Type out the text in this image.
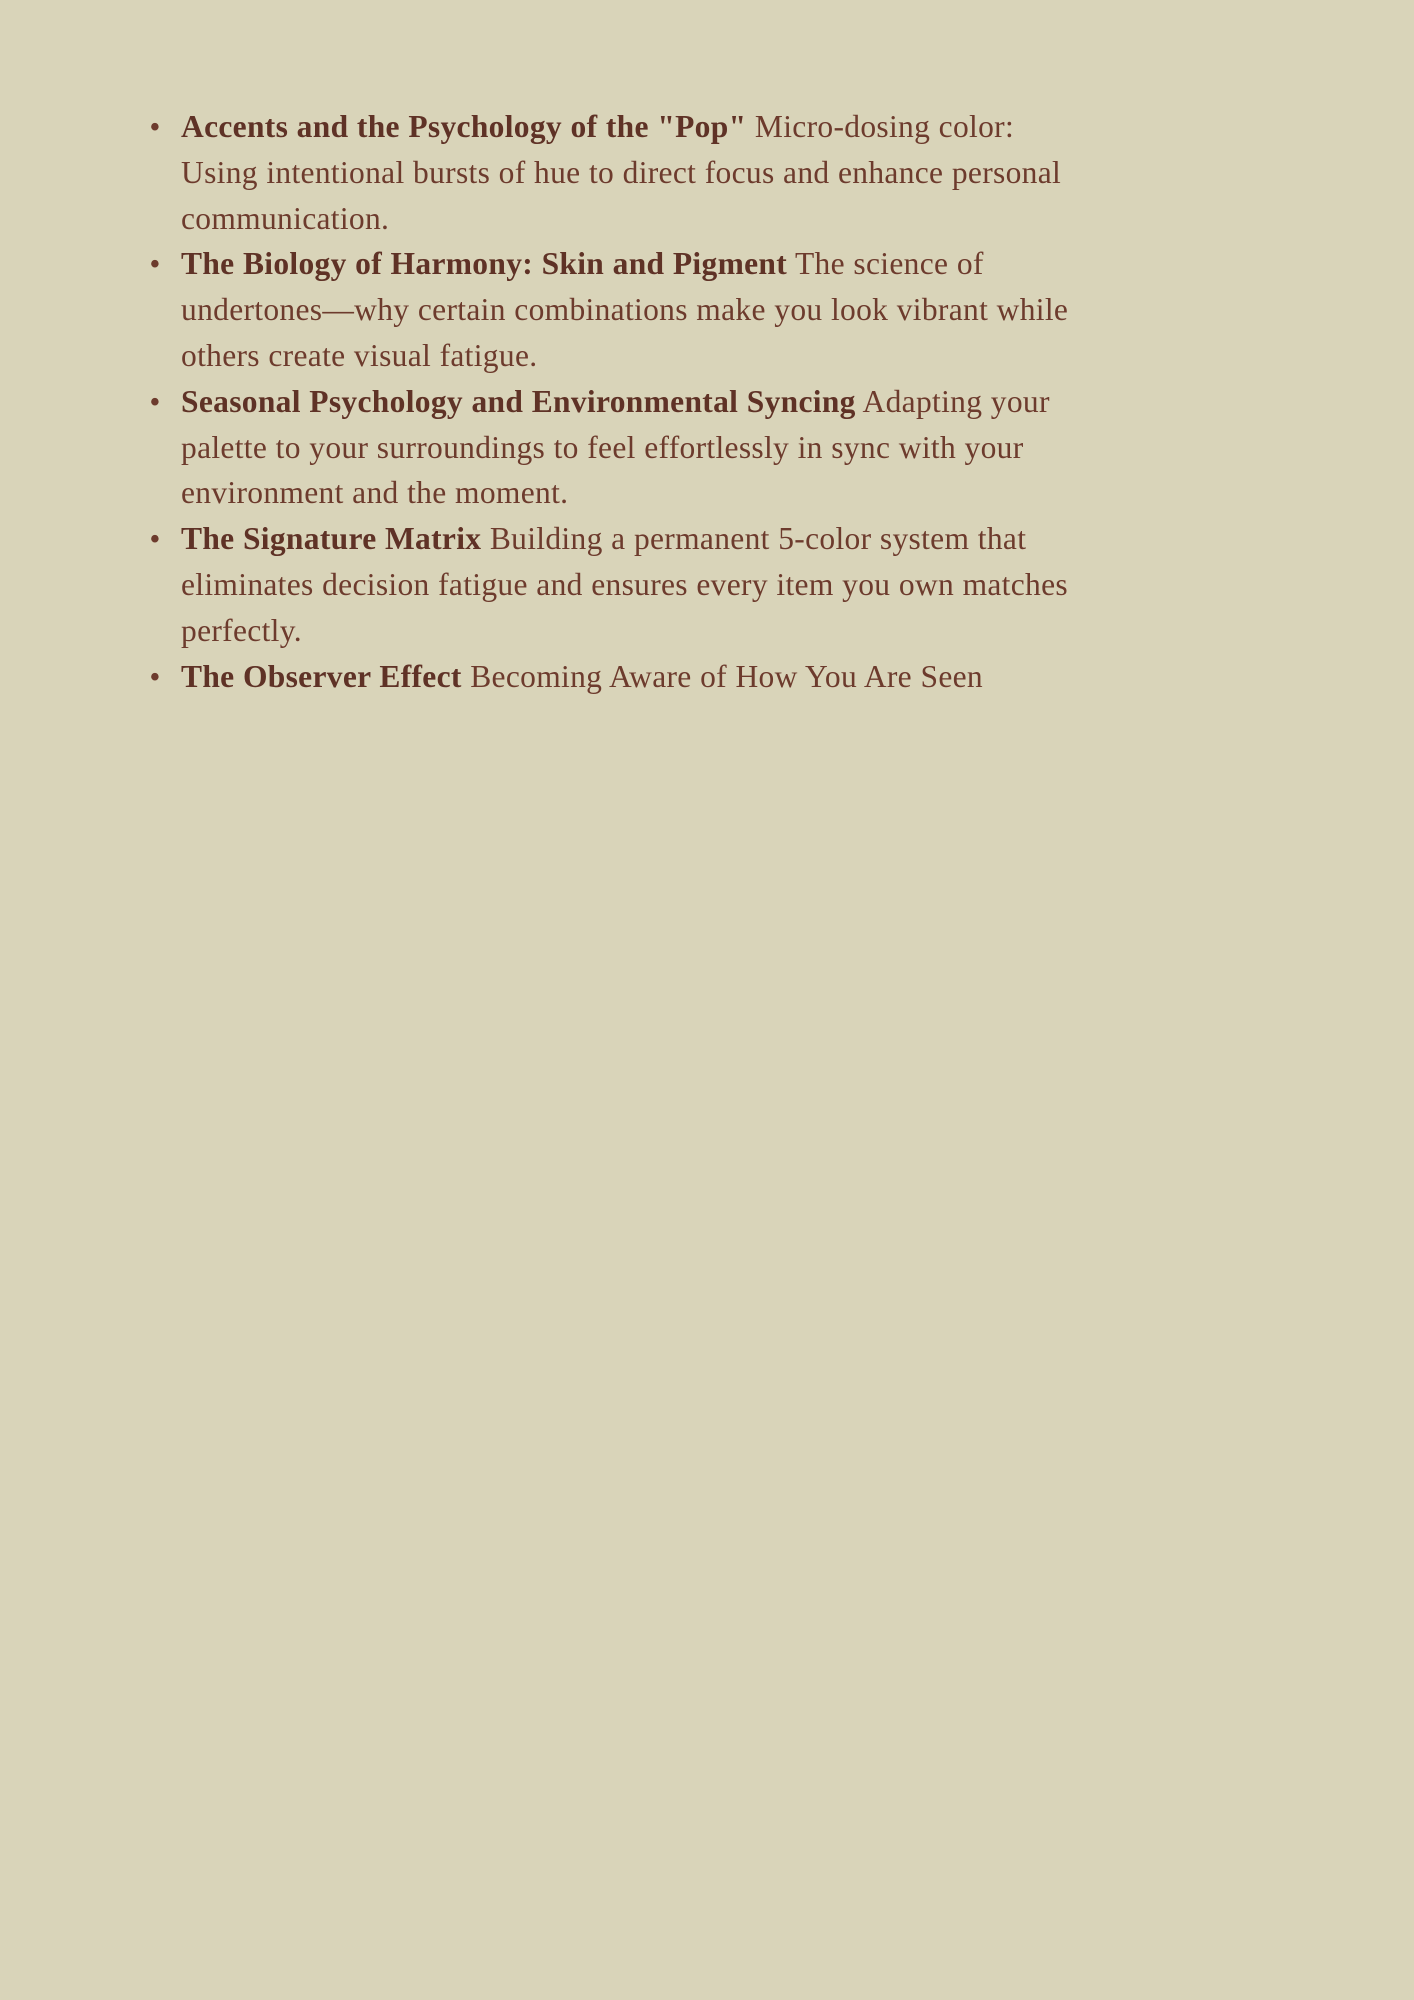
• Accents and the Psychology of the "Pop" Micro-dosing color: Using intentional bursts of hue to direct focus and enhance personal communication.
• The Biology of Harmony: Skin and Pigment The science of undertones—why certain combinations make you look vibrant while others create visual fatigue.
• Seasonal Psychology and Environmental Syncing Adapting your palette to your surroundings to feel effortlessly in sync with your environment and the moment.
• The Signature Matrix Building a permanent 5-color system that eliminates decision fatigue and ensures every item you own matches perfectly.
• The Observer Effect Becoming Aware of How You Are Seen
